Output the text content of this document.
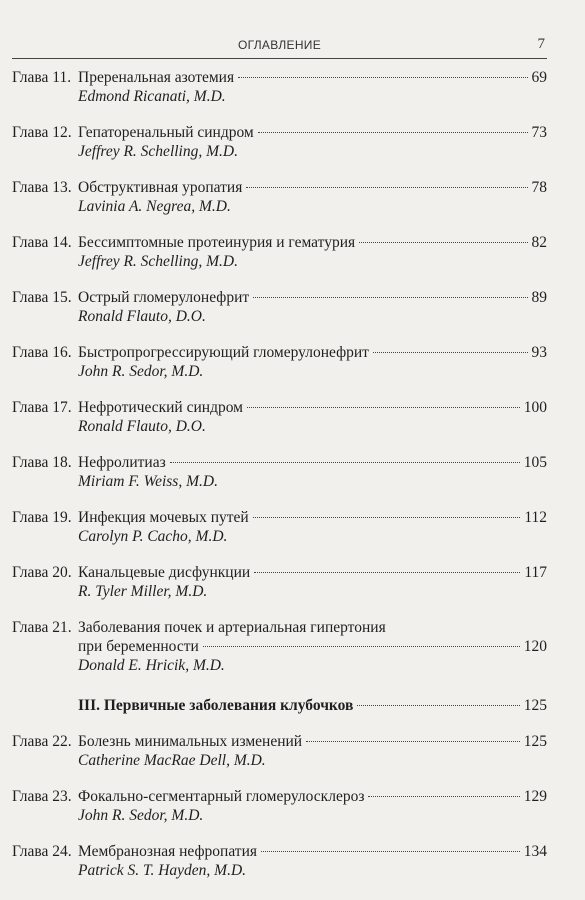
ОГЛАВЛЕНИЕ	7
Глава 11. Преренальная азотемия	69
Edmond Ricanati, M.D.
Глава 12. Гепаторенальный синдром	73
Jeffrey R. Schelling, M.D.
Глава 13. Обструктивная уропатия	78
Lavinia A. Negrea, M.D.
Глава 14. Бессимптомные протеинурия и гематурия	82
Jeffrey R. Schelling, M.D.
Глава 15. Острый гломерулонефрит	89
Ronald Flauto, D.O.
Глава 16. Быстропрогрессирующий гломерулонефрит	93
John R. Sedor, M.D.
Глава 17. Нефротический синдром	100
Ronald Flauto, D.O.
Глава 18. Нефролитиаз	105
Miriam F. Weiss, M.D.
Глава 19. Инфекция мочевых путей	112
Carolyn P. Cacho, M.D.
Глава 20. Канальцевые дисфункции	117
R. Tyler Miller, M.D.
Глава 21. Заболевания почек и артериальная гипертония
при беременности	120
Donald E. Hricik, M.D.
III. Первичные заболевания клубочков	125
Глава 22. Болезнь минимальных изменений	125
Catherine MacRae Dell, M.D.
Глава 23. Фокально-сегментарный гломерулосклероз	129
John R. Sedor, M.D.
Глава 24. Мембранозная нефропатия	134
Patrick S. T. Hayden, M.D.
